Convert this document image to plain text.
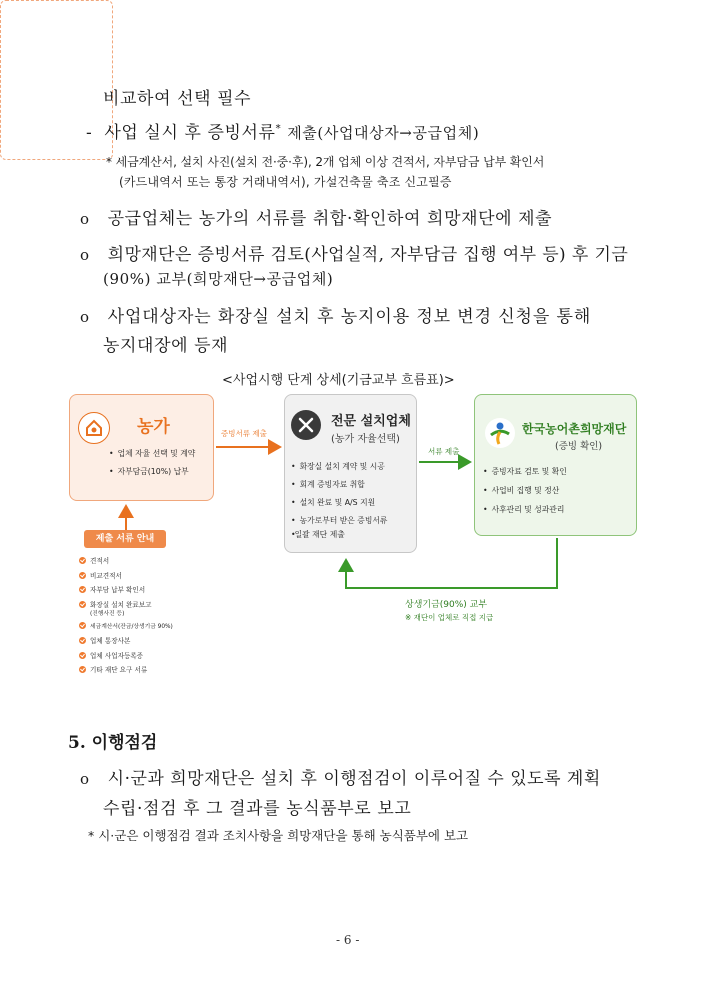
비교하여 선택 필수
- 사업 실시 후 증빙서류* 제출(사업대상자→공급업체)
* 세금계산서, 설치 사진(설치 전·중·후), 2개 업체 이상 견적서, 자부담금 납부 확인서
(카드내역서 또는 통장 거래내역서), 가설건축물 축조 신고필증
o 공급업체는 농가의 서류를 취합·확인하여 희망재단에 제출
o 희망재단은 증빙서류 검토(사업실적, 자부담금 집행 여부 등) 후 기금
(90%) 교부(희망재단→공급업체)
o 사업대상자는 화장실 설치 후 농지이용 정보 변경 신청을 통해
농지대장에 등재
<사업시행 단계 상세(기금교부 흐름표)>
농가
• 업체 자율 선택 및 계약
• 자부담금(10%) 납부
증빙서류 제출
전문 설치업체
(농가 자율선택)
• 화장실 설치 계약 및 시공
• 회계 증빙자료 취합
• 설치 완료 및 A/S 지원
• 농가로부터 받은 증빙서류
• 일괄 재단 제출
서류 제출
한국농어촌희망재단
(증빙 확인)
• 증빙자료 검토 및 확인
• 사업비 집행 및 정산
• 사후관리 및 성과관리
상생기금(90%) 교부
※ 재단이 업체로 직접 지급
제출 서류 안내
견적서
비교견적서
자부담 납부 확인서
화장실 설치 완료보고
(진행사진 등)
세금계산서(잔금/상생기금 90%)
업체 통장사본
업체 사업자등록증
기타 재단 요구 서류
5. 이행점검
o 시·군과 희망재단은 설치 후 이행점검이 이루어질 수 있도록 계획
수립·점검 후 그 결과를 농식품부로 보고
* 시·군은 이행점검 결과 조치사항을 희망재단을 통해 농식품부에 보고
- 6 -
